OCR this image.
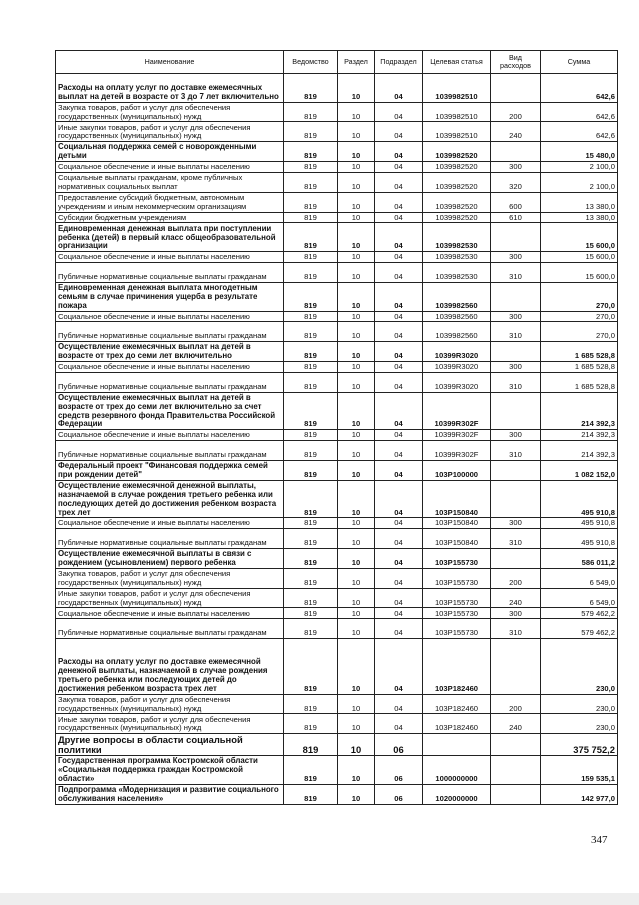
Наименование	Ведомство	Раздел	Подраздел	Целевая статья	Вид расходов	Сумма
Расходы на оплату услуг по доставке ежемесячных выплат на детей в возрасте от 3 до 7 лет включительно	819	10	04	1039982510		642,6
Закупка товаров, работ и услуг для обеспечения государственных (муниципальных) нужд	819	10	04	1039982510	200	642,6
Иные закупки товаров, работ и услуг для обеспечения государственных (муниципальных) нужд	819	10	04	1039982510	240	642,6
Социальная поддержка семей с новорожденными детьми	819	10	04	1039982520		15 480,0
Социальное обеспечение и иные выплаты населению	819	10	04	1039982520	300	2 100,0
Социальные выплаты гражданам, кроме публичных нормативных социальных выплат	819	10	04	1039982520	320	2 100,0
Предоставление субсидий бюджетным, автономным учреждениям и иным некоммерческим организациям	819	10	04	1039982520	600	13 380,0
Субсидии бюджетным учреждениям	819	10	04	1039982520	610	13 380,0
Единовременная денежная выплата при поступлении ребенка (детей) в первый класс общеобразовательной организации	819	10	04	1039982530		15 600,0
Социальное обеспечение и иные выплаты населению	819	10	04	1039982530	300	15 600,0
Публичные нормативные социальные выплаты гражданам	819	10	04	1039982530	310	15 600,0
Единовременная денежная выплата многодетным семьям в случае причинения ущерба в результате пожара	819	10	04	1039982560		270,0
Социальное обеспечение и иные выплаты населению	819	10	04	1039982560	300	270,0
Публичные нормативные социальные выплаты гражданам	819	10	04	1039982560	310	270,0
Осуществление ежемесячных выплат на детей в возрасте от трех до семи лет включительно	819	10	04	10399R3020		1 685 528,8
Социальное обеспечение и иные выплаты населению	819	10	04	10399R3020	300	1 685 528,8
Публичные нормативные социальные выплаты гражданам	819	10	04	10399R3020	310	1 685 528,8
Осуществление ежемесячных выплат на детей в возрасте от трех до семи лет включительно за счет средств резервного фонда Правительства Российской Федерации	819	10	04	10399R302F		214 392,3
Социальное обеспечение и иные выплаты населению	819	10	04	10399R302F	300	214 392,3
Публичные нормативные социальные выплаты гражданам	819	10	04	10399R302F	310	214 392,3
Федеральный проект "Финансовая поддержка семей при рождении детей"	819	10	04	103P100000		1 082 152,0
Осуществление ежемесячной денежной выплаты, назначаемой в случае рождения третьего ребенка или последующих детей до достижения ребенком возраста трех лет	819	10	04	103P150840		495 910,8
Социальное обеспечение и иные выплаты населению	819	10	04	103P150840	300	495 910,8
Публичные нормативные социальные выплаты гражданам	819	10	04	103P150840	310	495 910,8
Осуществление ежемесячной выплаты в связи с рождением (усыновлением) первого ребенка	819	10	04	103P155730		586 011,2
Закупка товаров, работ и услуг для обеспечения государственных (муниципальных) нужд	819	10	04	103P155730	200	6 549,0
Иные закупки товаров, работ и услуг для обеспечения государственных (муниципальных) нужд	819	10	04	103P155730	240	6 549,0
Социальное обеспечение и иные выплаты населению	819	10	04	103P155730	300	579 462,2
Публичные нормативные социальные выплаты гражданам	819	10	04	103P155730	310	579 462,2
Расходы на оплату услуг по доставке ежемесячной денежной выплаты, назначаемой в случае рождения третьего ребенка или последующих детей до достижения ребенком возраста трех лет	819	10	04	103P182460		230,0
Закупка товаров, работ и услуг для обеспечения государственных (муниципальных) нужд	819	10	04	103P182460	200	230,0
Иные закупки товаров, работ и услуг для обеспечения государственных (муниципальных) нужд	819	10	04	103P182460	240	230,0
Другие вопросы в области социальной политики	819	10	06			375 752,2
Государственная программа Костромской области «Социальная поддержка граждан Костромской области»	819	10	06	1000000000		159 535,1
Подпрограмма «Модернизация и развитие социального обслуживания населения»	819	10	06	1020000000		142 977,0
347
